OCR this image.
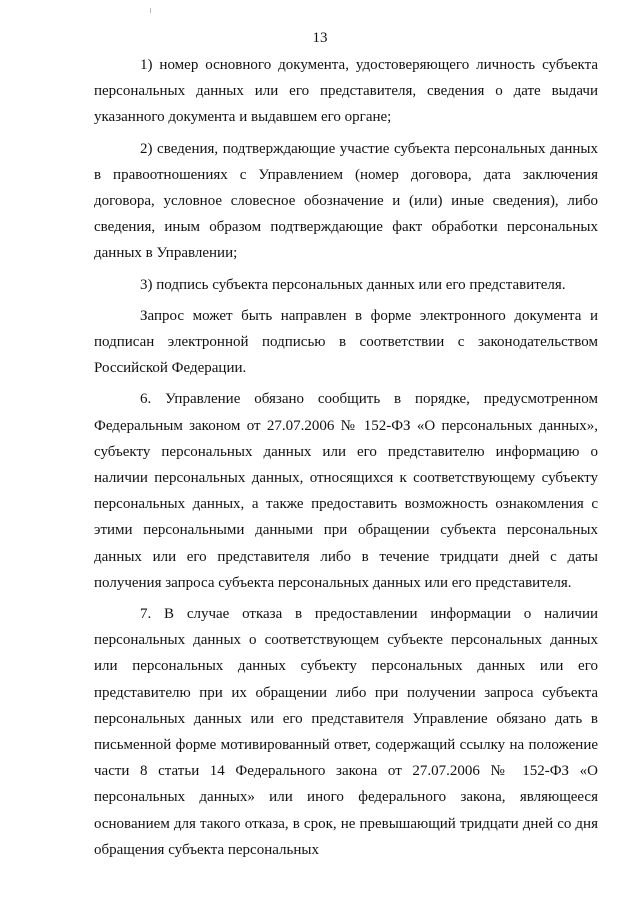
13

1) номер основного документа, удостоверяющего личность субъекта персональных данных или его представителя, сведения о дате выдачи указанного документа и выдавшем его органе;

2) сведения, подтверждающие участие субъекта персональных данных в правоотношениях с Управлением (номер договора, дата заключения договора, условное словесное обозначение и (или) иные сведения), либо сведения, иным образом подтверждающие факт обработки персональных данных в Управлении;

3) подпись субъекта персональных данных или его представителя.

Запрос может быть направлен в форме электронного документа и подписан электронной подписью в соответствии с законодательством Российской Федерации.

6. Управление обязано сообщить в порядке, предусмотренном Федеральным законом от 27.07.2006 № 152-ФЗ «О персональных данных», субъекту персональных данных или его представителю информацию о наличии персональных данных, относящихся к соответствующему субъекту персональных данных, а также предоставить возможность ознакомления с этими персональными данными при обращении субъекта персональных данных или его представителя либо в течение тридцати дней с даты получения запроса субъекта персональных данных или его представителя.

7. В случае отказа в предоставлении информации о наличии персональных данных о соответствующем субъекте персональных данных или персональных данных субъекту персональных данных или его представителю при их обращении либо при получении запроса субъекта персональных данных или его представителя Управление обязано дать в письменной форме мотивированный ответ, содержащий ссылку на положение части 8 статьи 14 Федерального закона от 27.07.2006 № 152-ФЗ «О персональных данных» или иного федерального закона, являющееся основанием для такого отказа, в срок, не превышающий тридцати дней со дня обращения субъекта персональных
